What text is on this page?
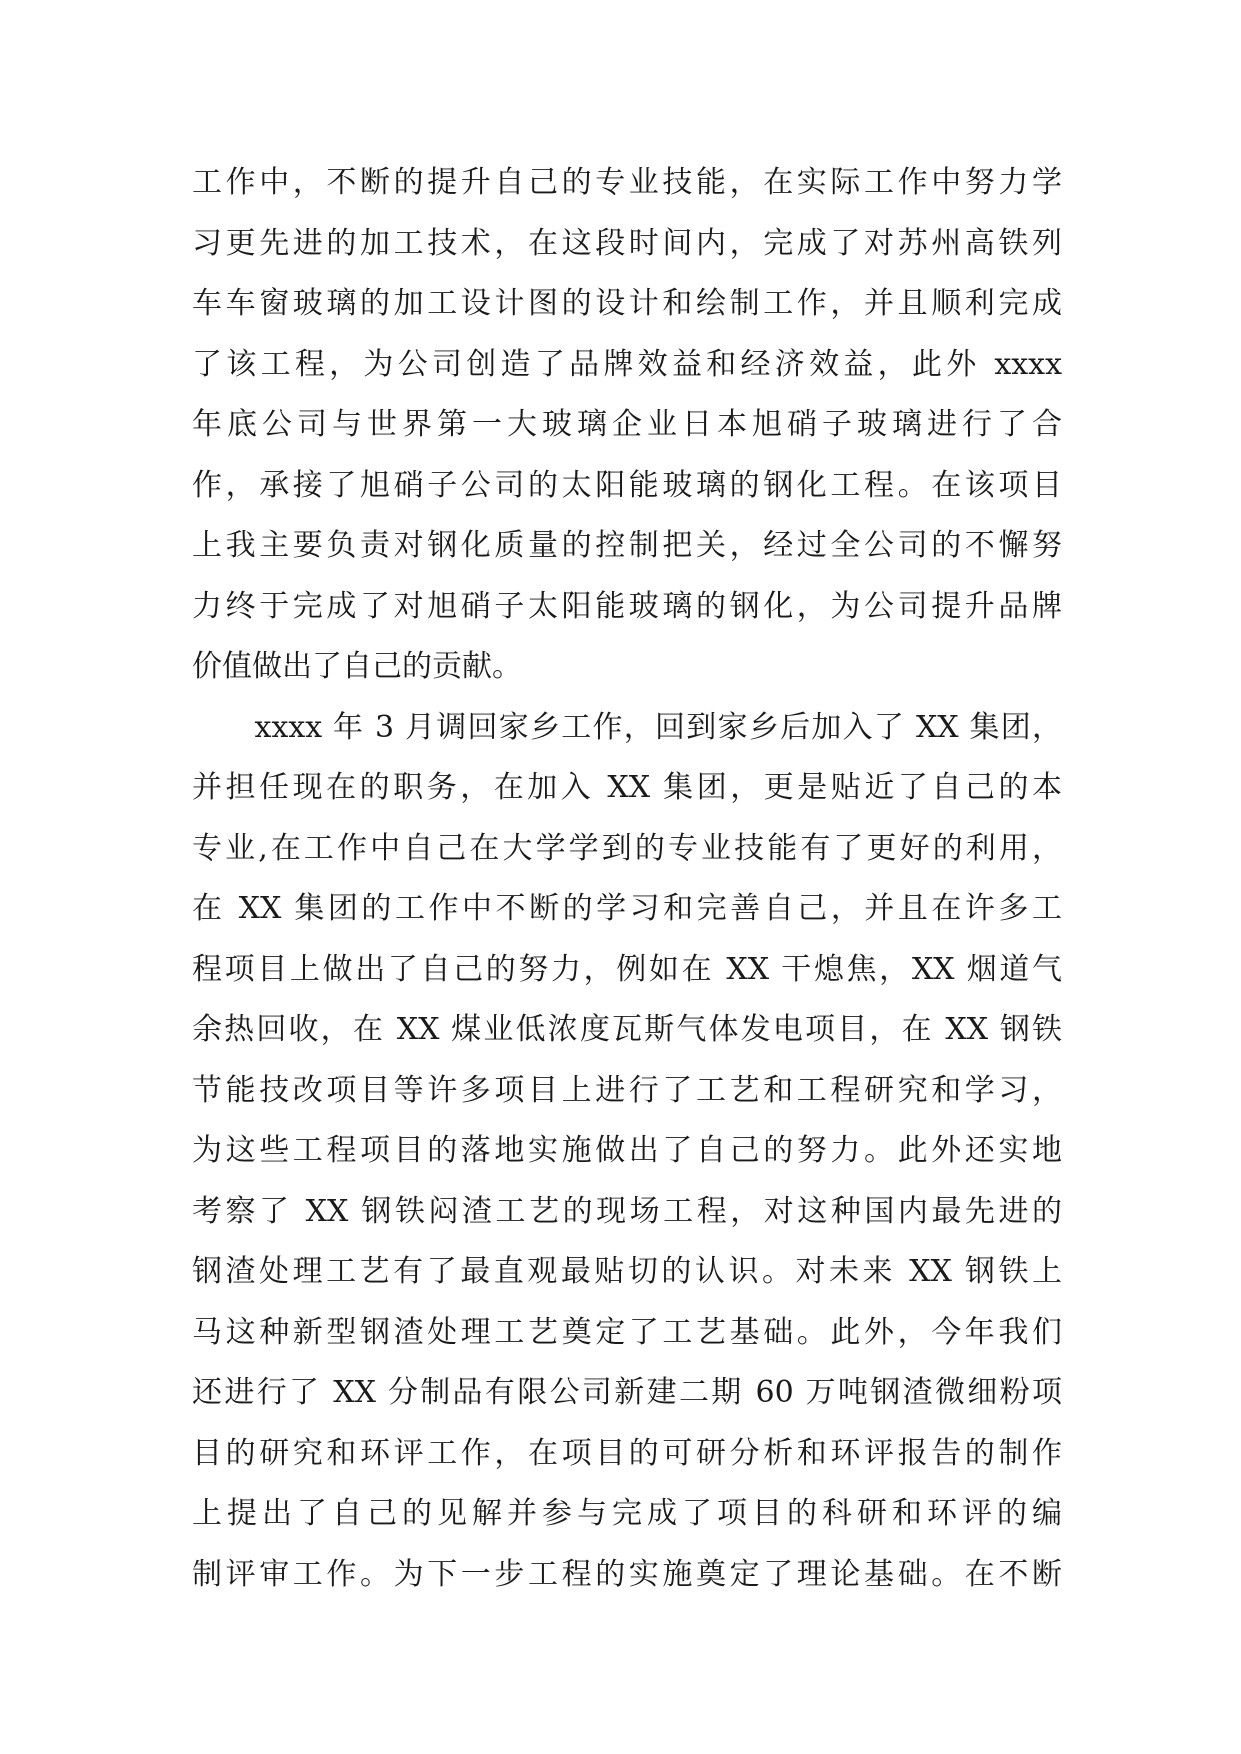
工作中，不断的提升自己的专业技能，在实际工作中努力学
习更先进的加工技术，在这段时间内，完成了对苏州高铁列
车车窗玻璃的加工设计图的设计和绘制工作，并且顺利完成
了该工程，为公司创造了品牌效益和经济效益，此外 xxxx
年底公司与世界第一大玻璃企业日本旭硝子玻璃进行了合
作，承接了旭硝子公司的太阳能玻璃的钢化工程。在该项目
上我主要负责对钢化质量的控制把关，经过全公司的不懈努
力终于完成了对旭硝子太阳能玻璃的钢化，为公司提升品牌
价值做出了自己的贡献。
　　xxxx 年 3 月调回家乡工作，回到家乡后加入了 XX 集团，
并担任现在的职务，在加入 XX 集团，更是贴近了自己的本
专业,在工作中自己在大学学到的专业技能有了更好的利用，
在 XX 集团的工作中不断的学习和完善自己，并且在许多工
程项目上做出了自己的努力，例如在 XX 干熄焦，XX 烟道气
余热回收，在 XX 煤业低浓度瓦斯气体发电项目，在 XX 钢铁
节能技改项目等许多项目上进行了工艺和工程研究和学习，
为这些工程项目的落地实施做出了自己的努力。此外还实地
考察了 XX 钢铁闷渣工艺的现场工程，对这种国内最先进的
钢渣处理工艺有了最直观最贴切的认识。对未来 XX 钢铁上
马这种新型钢渣处理工艺奠定了工艺基础。此外，今年我们
还进行了 XX 分制品有限公司新建二期 60 万吨钢渣微细粉项
目的研究和环评工作，在项目的可研分析和环评报告的制作
上提出了自己的见解并参与完成了项目的科研和环评的编
制评审工作。为下一步工程的实施奠定了理论基础。在不断
